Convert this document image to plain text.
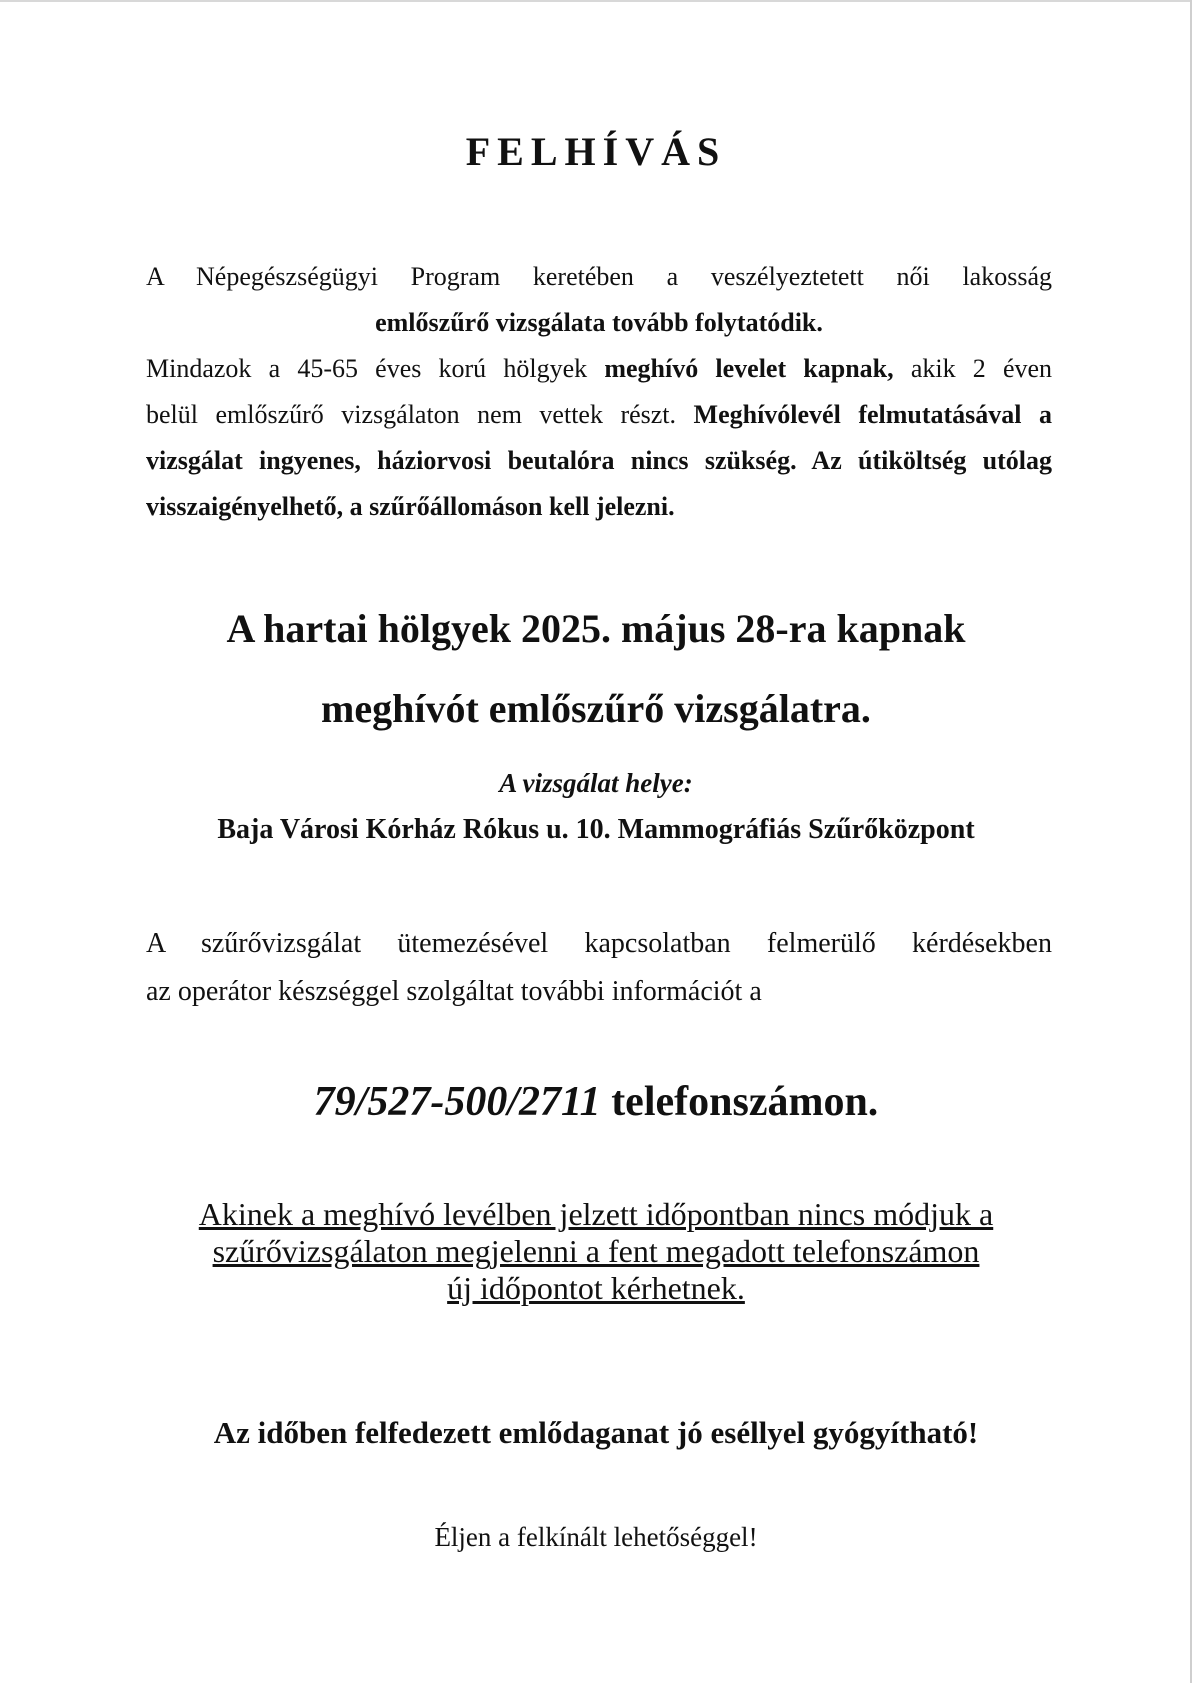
FELHÍVÁS
A Népegészségügyi Program keretében a veszélyeztetett női lakosság
emlőszűrő vizsgálata tovább folytatódik.
Mindazok a 45-65 éves korú hölgyek meghívó levelet kapnak, akik 2 éven
belül emlőszűrő vizsgálaton nem vettek részt. Meghívólevél felmutatásával a
vizsgálat ingyenes, háziorvosi beutalóra nincs szükség. Az útiköltség utólag
visszaigényelhető, a szűrőállomáson kell jelezni.

A hartai hölgyek 2025. május 28-ra kapnak

meghívót emlőszűrő vizsgálatra.

A vizsgálat helye:

Baja Városi Kórház Rókus u. 10. Mammográfiás Szűrőközpont

A szűrővizsgálat ütemezésével kapcsolatban felmerülő kérdésekben
az operátor készséggel szolgáltat további információt a

79/527-500/2711 telefonszámon.

Akinek a meghívó levélben jelzett időpontban nincs módjuk a
szűrővizsgálaton megjelenni a fent megadott telefonszámon
új időpontot kérhetnek.

Az időben felfedezett emlődaganat jó eséllyel gyógyítható!

Éljen a felkínált lehetőséggel!
